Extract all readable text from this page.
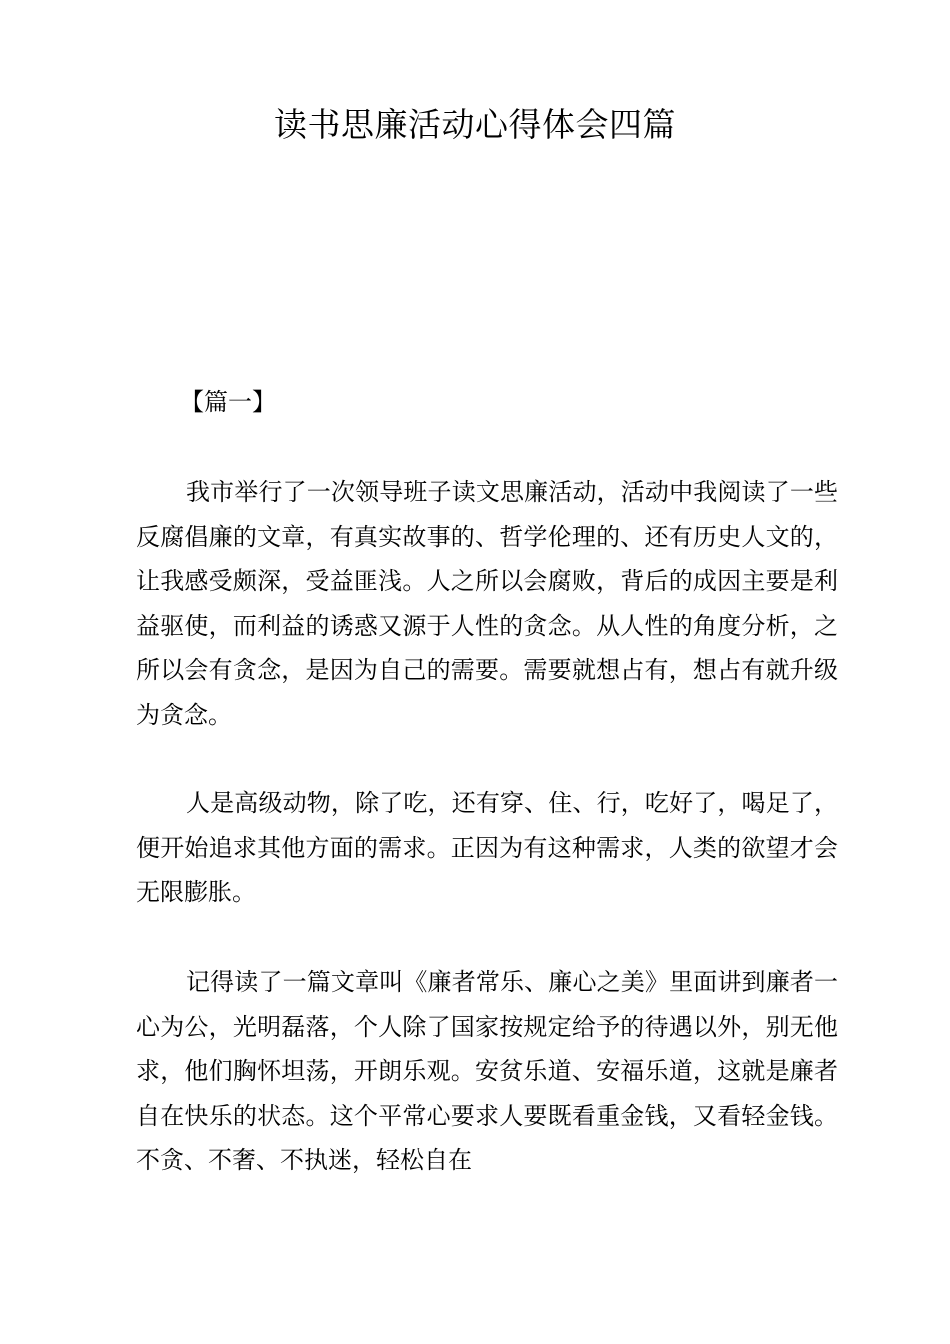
读书思廉活动心得体会四篇
【篇一】

我市举行了一次领导班子读文思廉活动，活动中我阅读了一些反腐倡廉的文章，有真实故事的、哲学伦理的、还有历史人文的，让我感受颇深，受益匪浅。人之所以会腐败，背后的成因主要是利益驱使，而利益的诱惑又源于人性的贪念。从人性的角度分析，之所以会有贪念，是因为自己的需要。需要就想占有，想占有就升级为贪念。

人是高级动物，除了吃，还有穿、住、行，吃好了，喝足了，便开始追求其他方面的需求。正因为有这种需求，人类的欲望才会无限膨胀。

记得读了一篇文章叫《廉者常乐、廉心之美》里面讲到廉者一心为公，光明磊落，个人除了国家按规定给予的待遇以外，别无他求，他们胸怀坦荡，开朗乐观。安贫乐道、安福乐道，这就是廉者自在快乐的状态。这个平常心要求人要既看重金钱，又看轻金钱。不贪、不奢、不执迷，轻松自在
